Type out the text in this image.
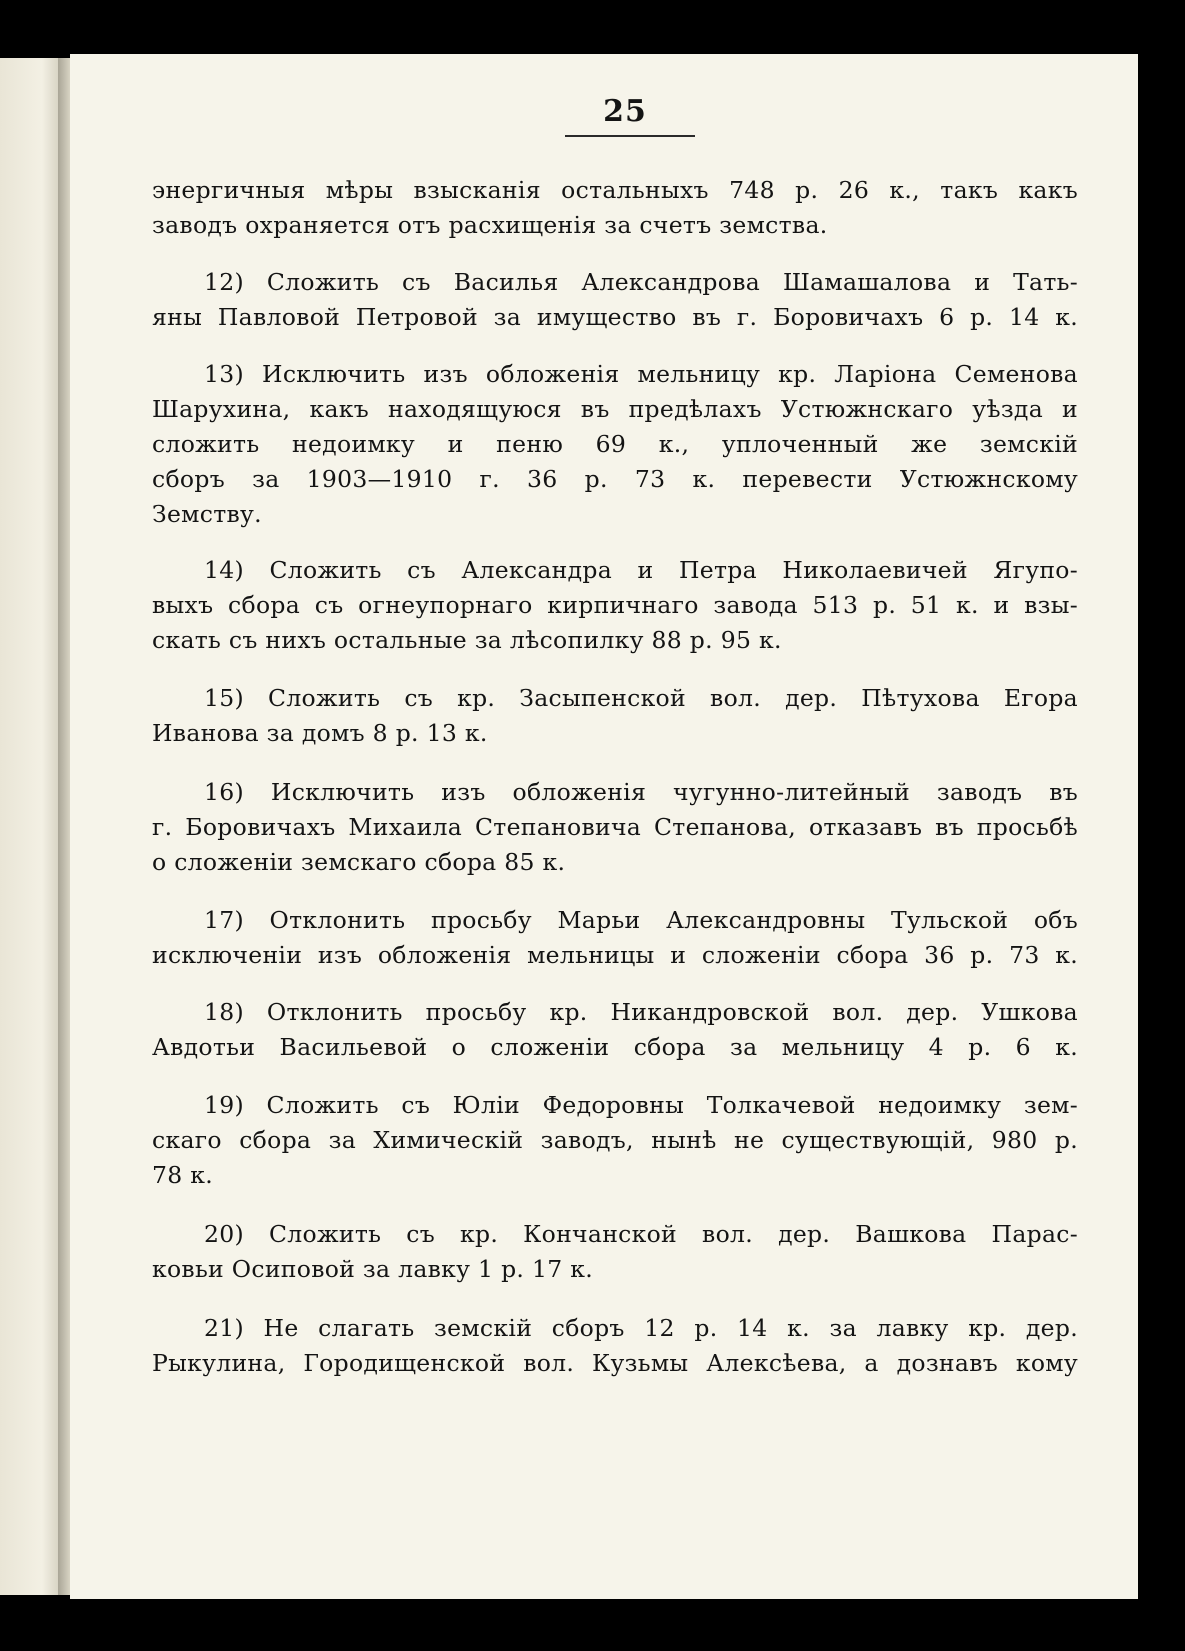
25
энергичныя мѣры взысканія остальныхъ 748 р. 26 к., такъ какъ
заводъ охраняется отъ расхищенія за счетъ земства.
12) Сложить съ Василья Александрова Шамашалова и Тать-
яны Павловой Петровой за имущество въ г. Боровичахъ 6 р. 14 к.
13) Исключить изъ обложенія мельницу кр. Ларіона Семенова
Шарухина, какъ находящуюся въ предѣлахъ Устюжнскаго уѣзда и
сложить недоимку и пеню 69 к., уплоченный же земскій
сборъ за 1903—1910 г. 36 р. 73 к. перевести Устюжнскому
Земству.
14) Сложить съ Александра и Петра Николаевичей Ягупо-
выхъ сбора съ огнеупорнаго кирпичнаго завода 513 р. 51 к. и взы-
скать съ нихъ остальные за лѣсопилку 88 р. 95 к.
15) Сложить съ кр. Засыпенской вол. дер. Пѣтухова Егора
Иванова за домъ 8 р. 13 к.
16) Исключить изъ обложенія чугунно-литейный заводъ въ
г. Боровичахъ Михаила Степановича Степанова, отказавъ въ просьбѣ
о сложеніи земскаго сбора 85 к.
17) Отклонить просьбу Марьи Александровны Тульской объ
исключеніи изъ обложенія мельницы и сложеніи сбора 36 р. 73 к.
18) Отклонить просьбу кр. Никандровской вол. дер. Ушкова
Авдотьи Васильевой о сложеніи сбора за мельницу 4 р. 6 к.
19) Сложить съ Юліи Федоровны Толкачевой недоимку зем-
скаго сбора за Химическій заводъ, нынѣ не существующій, 980 р.
78 к.
20) Сложить съ кр. Кончанской вол. дер. Вашкова Парас-
ковьи Осиповой за лавку 1 р. 17 к.
21) Не слагать земскій сборъ 12 р. 14 к. за лавку кр. дер.
Рыкулина, Городищенской вол. Кузьмы Алексѣева, а дознавъ кому
